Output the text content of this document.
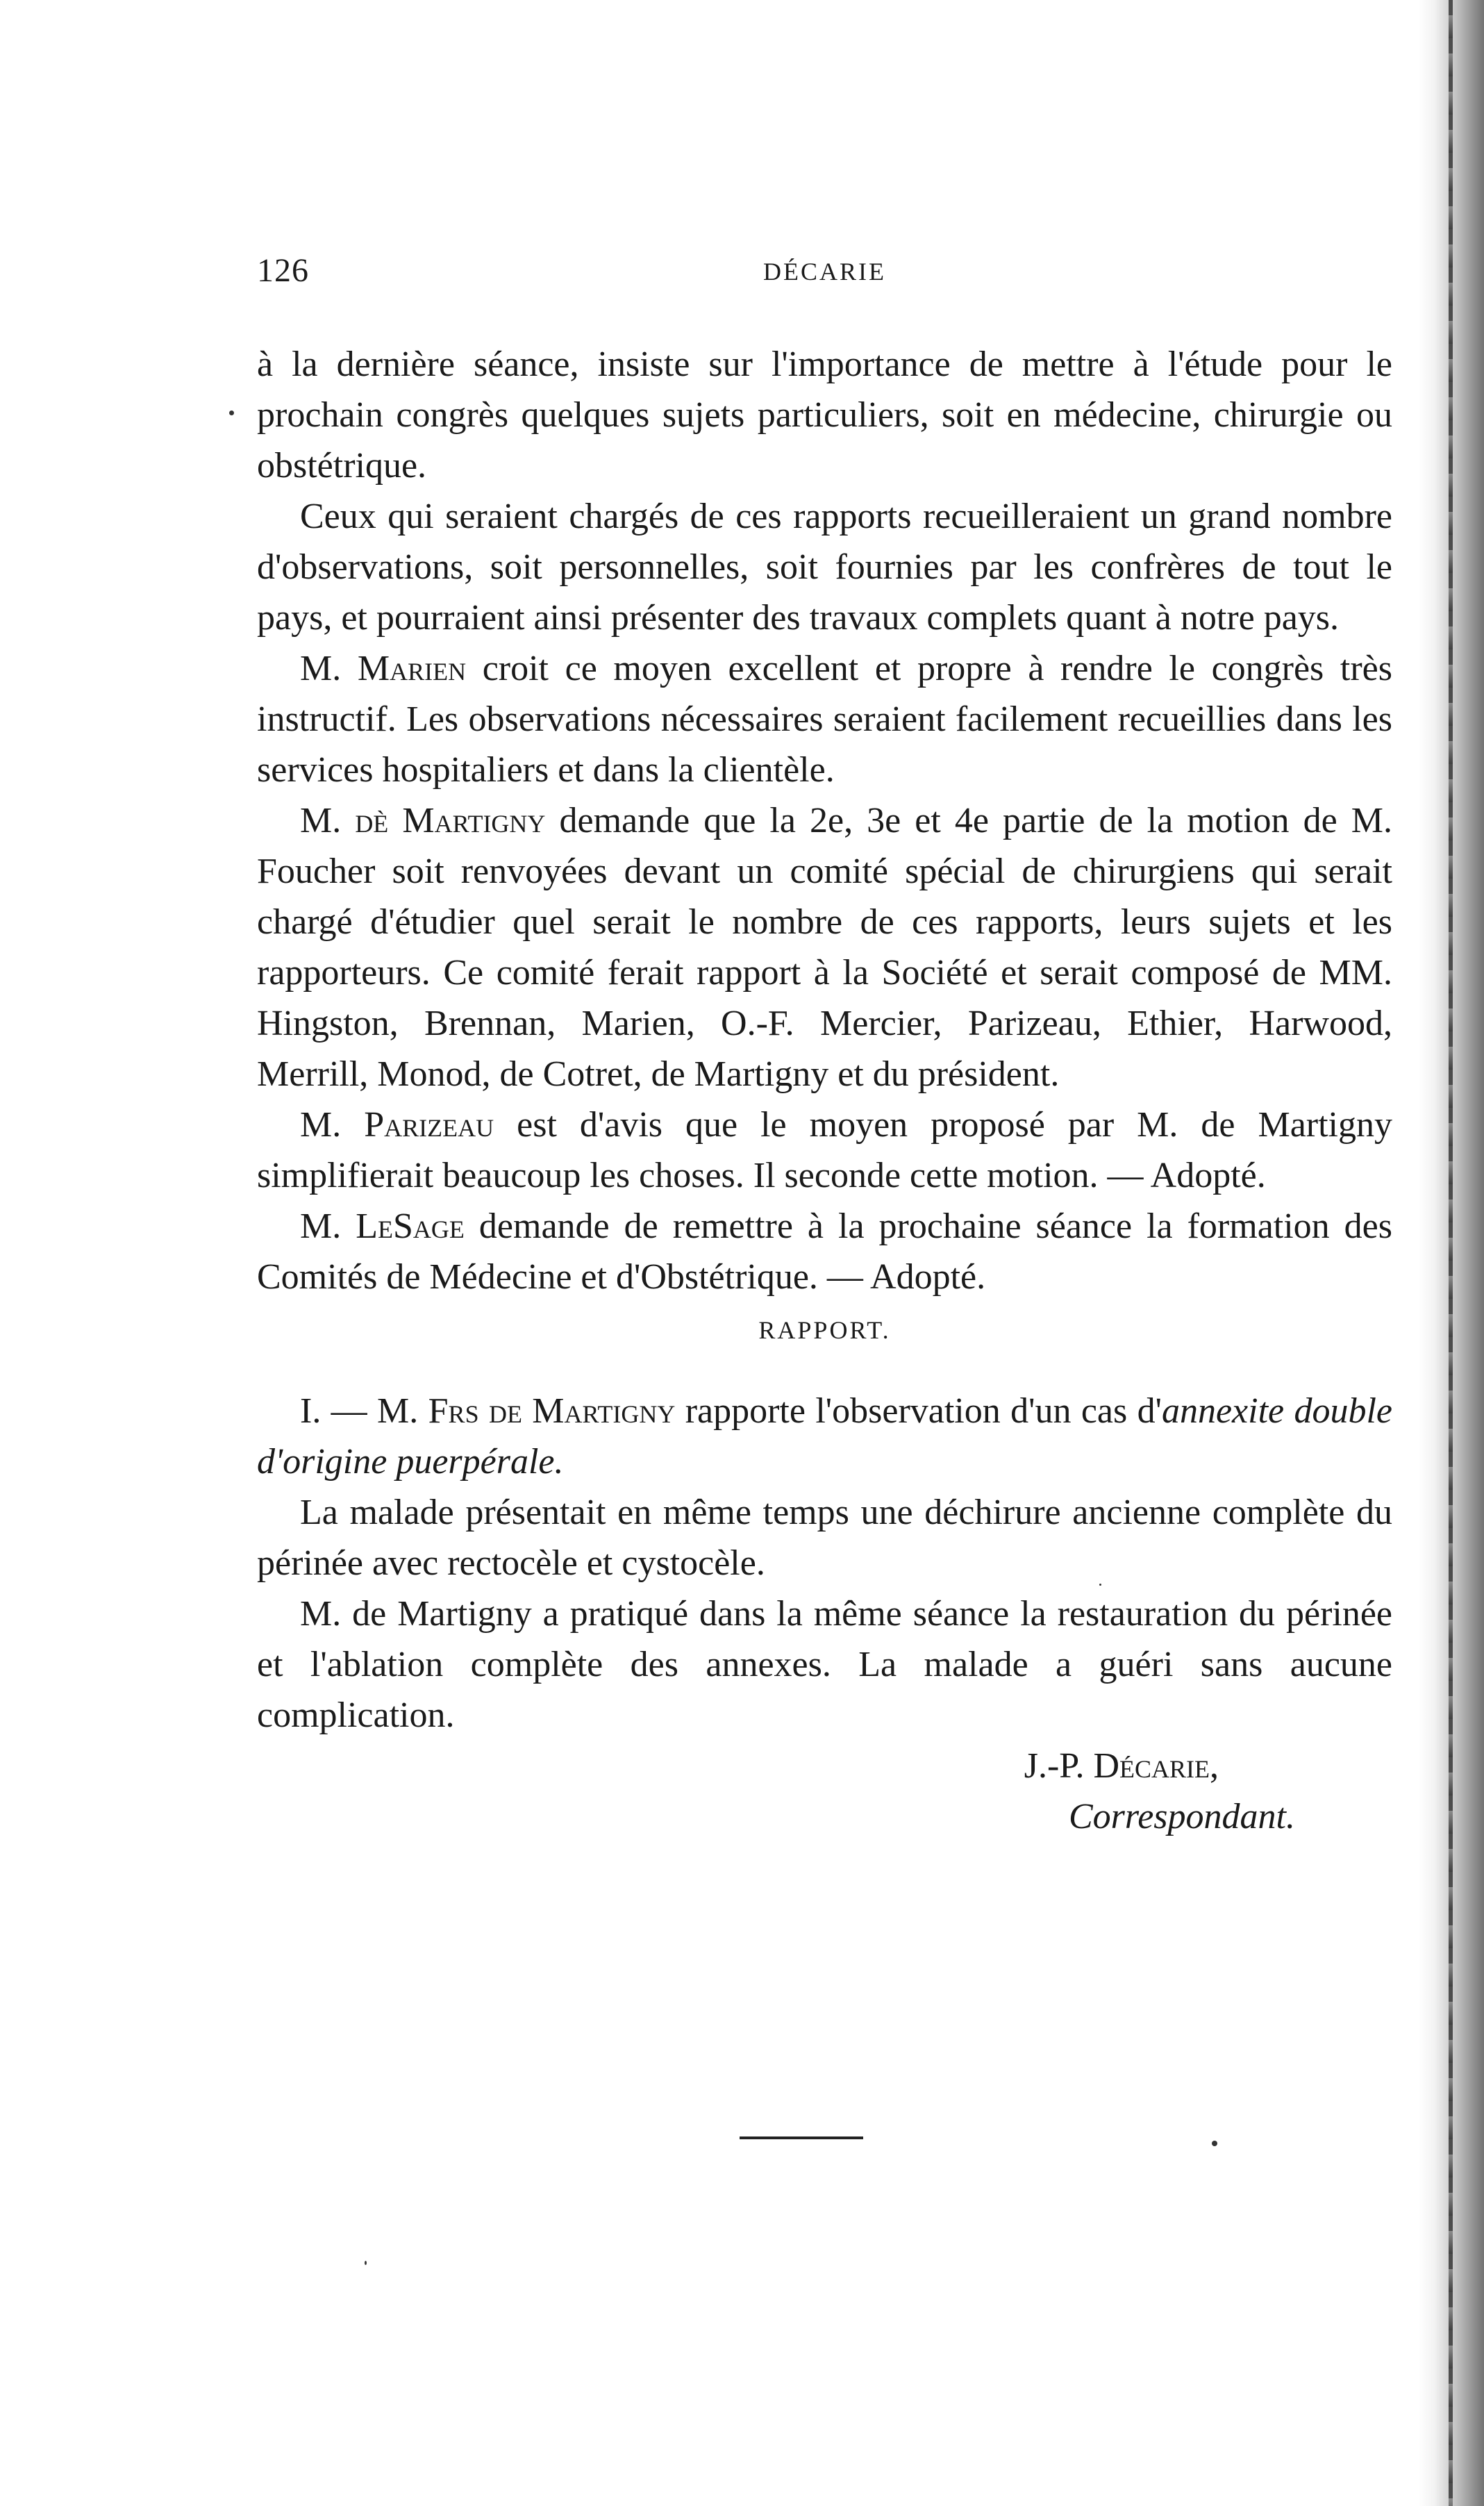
126	DÉCARIE

à la dernière séance, insiste sur l'importance de mettre à l'étude pour le prochain congrès quelques sujets particuliers, soit en médecine, chirurgie ou obstétrique.

Ceux qui seraient chargés de ces rapports recueilleraient un grand nombre d'observations, soit personnelles, soit fournies par les confrères de tout le pays, et pourraient ainsi présenter des travaux complets quant à notre pays.

M. Marien croit ce moyen excellent et propre à rendre le congrès très instructif. Les observations nécessaires seraient facilement recueillies dans les services hospitaliers et dans la clientèle.

M. dè Martigny demande que la 2e, 3e et 4e partie de la motion de M. Foucher soit renvoyées devant un comité spécial de chirurgiens qui serait chargé d'étudier quel serait le nombre de ces rapports, leurs sujets et les rapporteurs. Ce comité ferait rapport à la Société et serait composé de MM. Hingston, Brennan, Marien, O.-F. Mercier, Parizeau, Ethier, Harwood, Merrill, Monod, de Cotret, de Martigny et du président.

M. Parizeau est d'avis que le moyen proposé par M. de Martigny simplifierait beaucoup les choses. Il seconde cette motion. — Adopté.

M. LeSage demande de remettre à la prochaine séance la formation des Comités de Médecine et d'Obstétrique. — Adopté.

RAPPORT.

I. — M. Frs de Martigny rapporte l'observation d'un cas d'annexite double d'origine puerpérale.

La malade présentait en même temps une déchirure ancienne complète du périnée avec rectocèle et cystocèle.

M. de Martigny a pratiqué dans la même séance la restauration du périnée et l'ablation complète des annexes. La malade a guéri sans aucune complication.

J.-P. Décarie,
Correspondant.
